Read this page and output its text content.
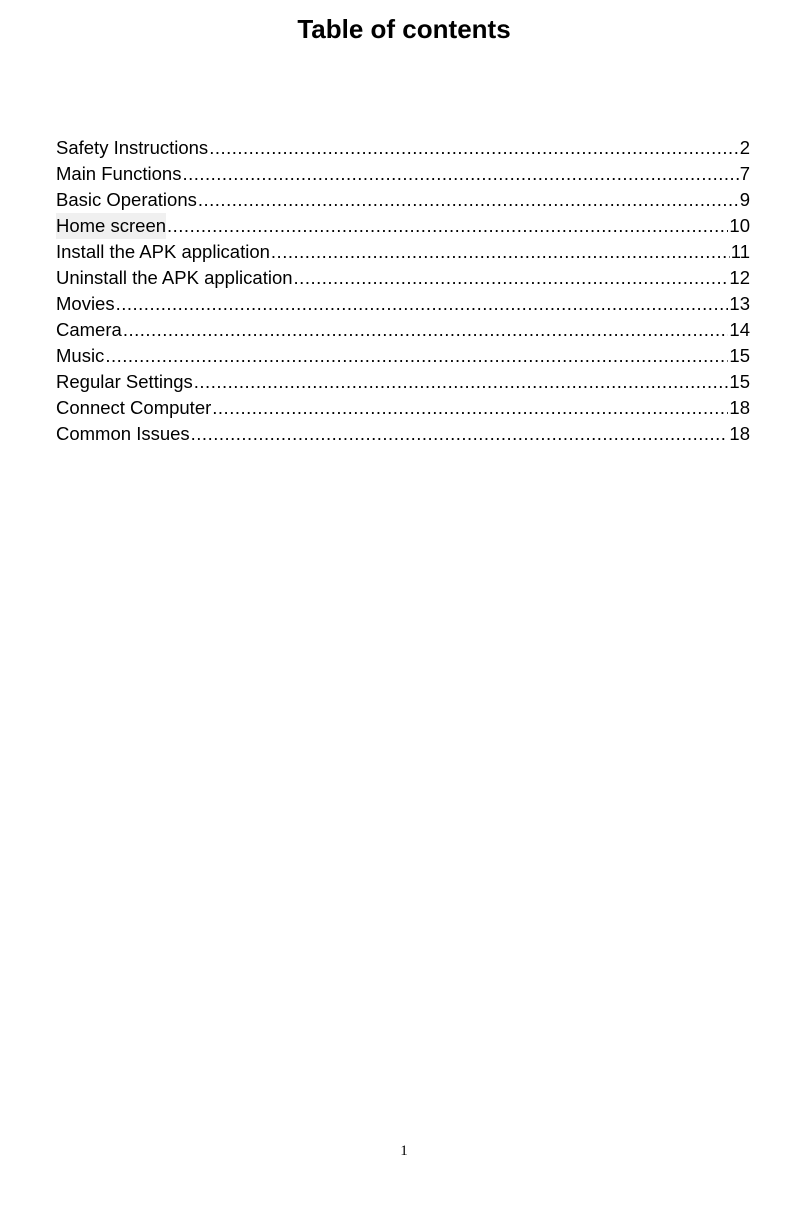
Table of contents
Safety Instructions .....	2
Main Functions .....	7
Basic Operations .....	9
Home screen .....	10
Install the APK application .....	11
Uninstall the APK application .....	12
Movies .....	13
Camera .....	14
Music .....	15
Regular Settings .....	15
Connect Computer .....	18
Common Issues .....	18
1
